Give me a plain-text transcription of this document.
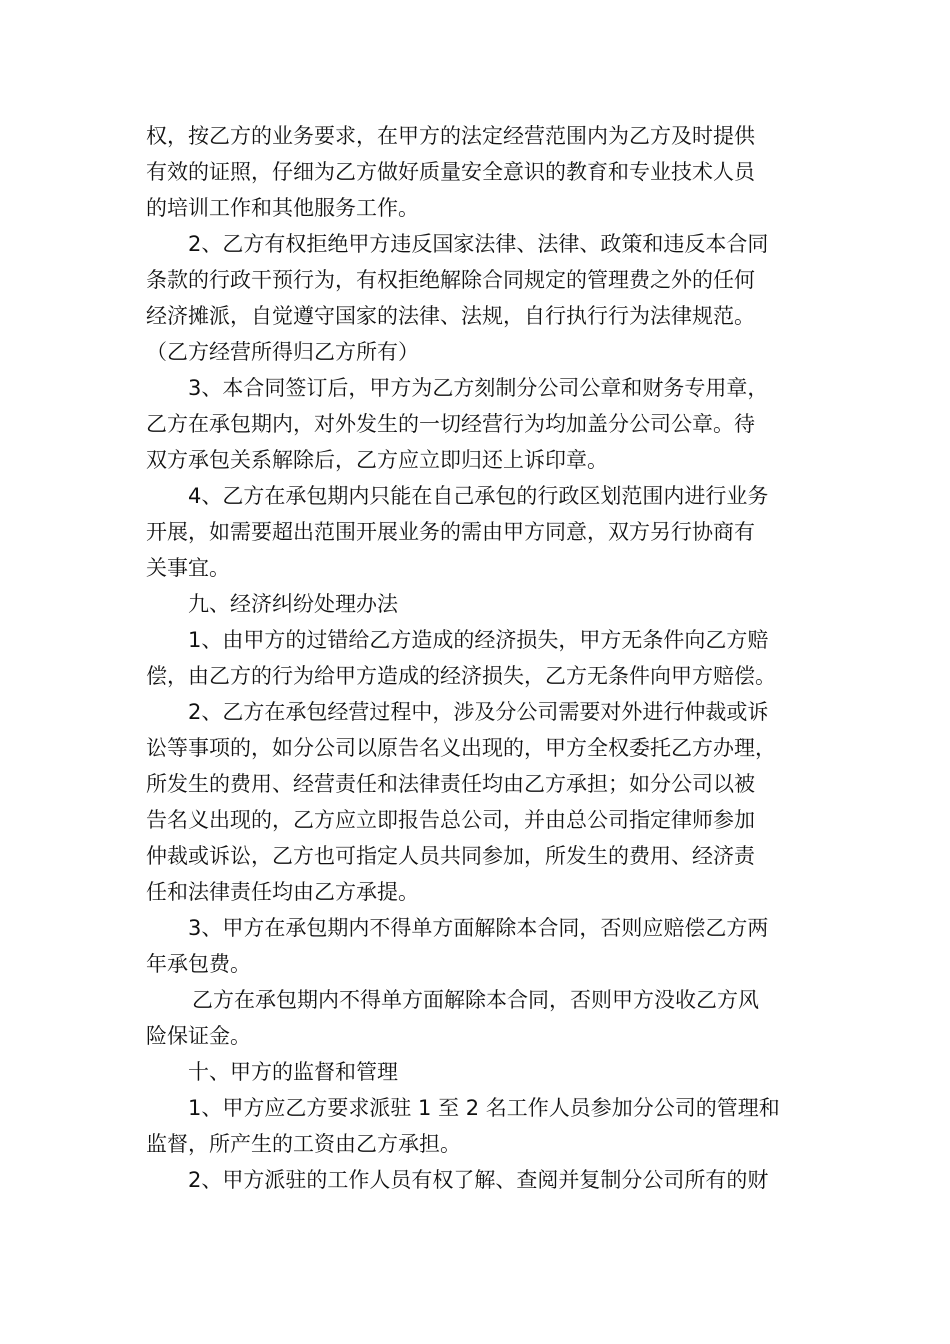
权，按乙方的业务要求，在甲方的法定经营范围内为乙方及时提供
有效的证照，仔细为乙方做好质量安全意识的教育和专业技术人员
的培训工作和其他服务工作。

2、乙方有权拒绝甲方违反国家法律、法律、政策和违反本合同
条款的行政干预行为，有权拒绝解除合同规定的管理费之外的任何
经济摊派，自觉遵守国家的法律、法规，自行执行行为法律规范。
（乙方经营所得归乙方所有）

3、本合同签订后，甲方为乙方刻制分公司公章和财务专用章，
乙方在承包期内，对外发生的一切经营行为均加盖分公司公章。待
双方承包关系解除后，乙方应立即归还上诉印章。

4、乙方在承包期内只能在自己承包的行政区划范围内进行业务
开展，如需要超出范围开展业务的需由甲方同意，双方另行协商有
关事宜。

九、经济纠纷处理办法

1、由甲方的过错给乙方造成的经济损失，甲方无条件向乙方赔
偿，由乙方的行为给甲方造成的经济损失，乙方无条件向甲方赔偿。

2、乙方在承包经营过程中，涉及分公司需要对外进行仲裁或诉
讼等事项的，如分公司以原告名义出现的，甲方全权委托乙方办理，
所发生的费用、经营责任和法律责任均由乙方承担；如分公司以被
告名义出现的，乙方应立即报告总公司，并由总公司指定律师参加
仲裁或诉讼，乙方也可指定人员共同参加，所发生的费用、经济责
任和法律责任均由乙方承提。

3、甲方在承包期内不得单方面解除本合同，否则应赔偿乙方两
年承包费。

乙方在承包期内不得单方面解除本合同，否则甲方没收乙方风
险保证金。

十、甲方的监督和管理

1、甲方应乙方要求派驻 1 至 2 名工作人员参加分公司的管理和
监督，所产生的工资由乙方承担。

2、甲方派驻的工作人员有权了解、查阅并复制分公司所有的财
